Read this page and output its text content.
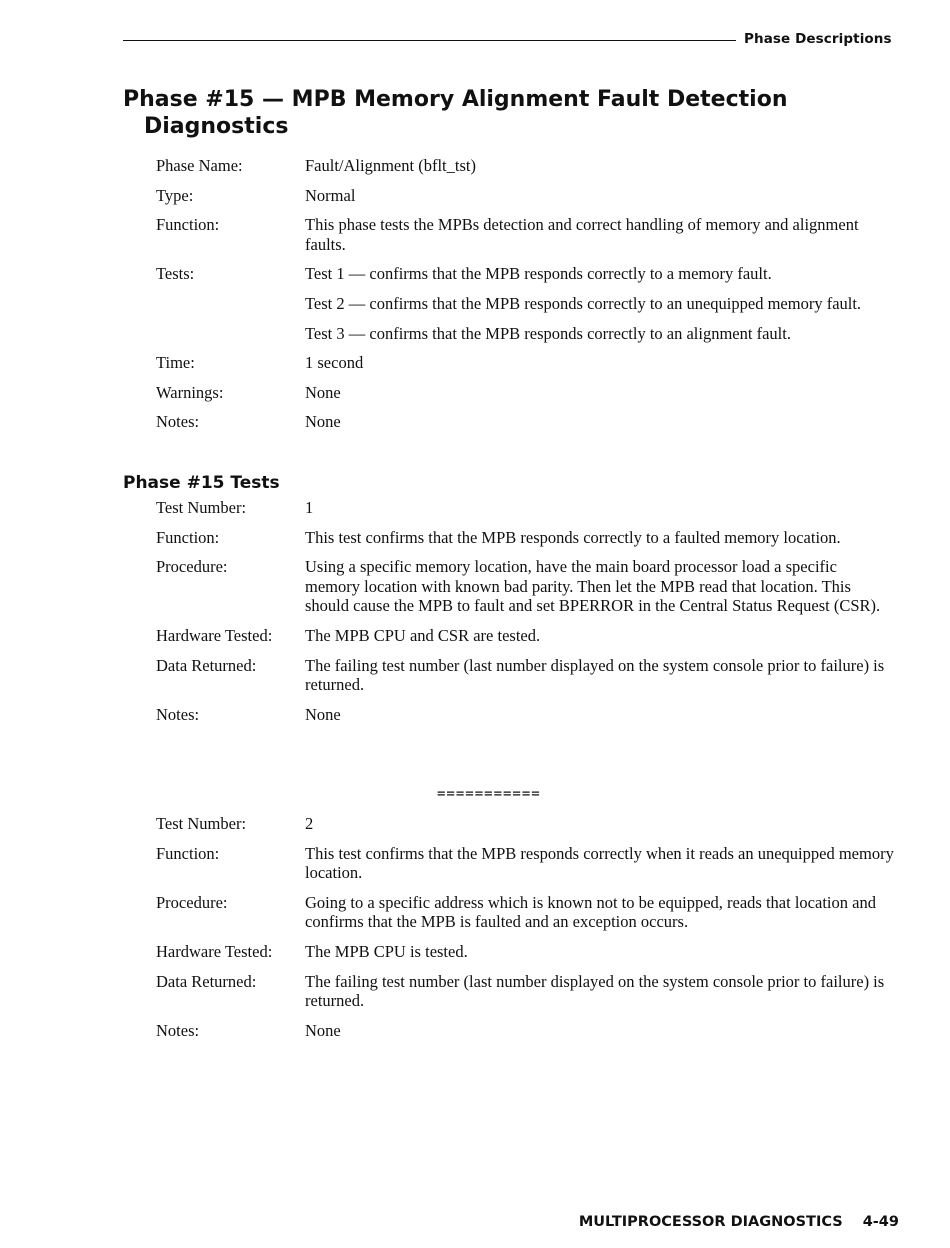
Phase Descriptions
Phase #15 — MPB Memory Alignment Fault Detection
Diagnostics
Phase Name:	Fault/Alignment (bflt_tst)
Type:	Normal
Function:	This phase tests the MPBs detection and correct handling of memory and alignment faults.
Tests:	Test 1 — confirms that the MPB responds correctly to a memory fault.

Test 2 — confirms that the MPB responds correctly to an unequipped memory fault.

Test 3 — confirms that the MPB responds correctly to an alignment fault.

Time:	1 second
Warnings:	None
Notes:	None
Phase #15 Tests
Test Number:	1
Function:	This test confirms that the MPB responds correctly to a faulted memory location.
Procedure:	Using a specific memory location, have the main board processor load a specific memory location with known bad parity. Then let the MPB read that location. This should cause the MPB to fault and set BPERROR in the Central Status Request (CSR).
Hardware Tested:	The MPB CPU and CSR are tested.
Data Returned:	The failing test number (last number displayed on the system console prior to failure) is returned.
Notes:	None
===========
Test Number:	2
Function:	This test confirms that the MPB responds correctly when it reads an unequipped memory location.
Procedure:	Going to a specific address which is known not to be equipped, reads that location and confirms that the MPB is faulted and an exception occurs.
Hardware Tested:	The MPB CPU is tested.
Data Returned:	The failing test number (last number displayed on the system console prior to failure) is returned.
Notes:	None
MULTIPROCESSOR DIAGNOSTICS 4-49
